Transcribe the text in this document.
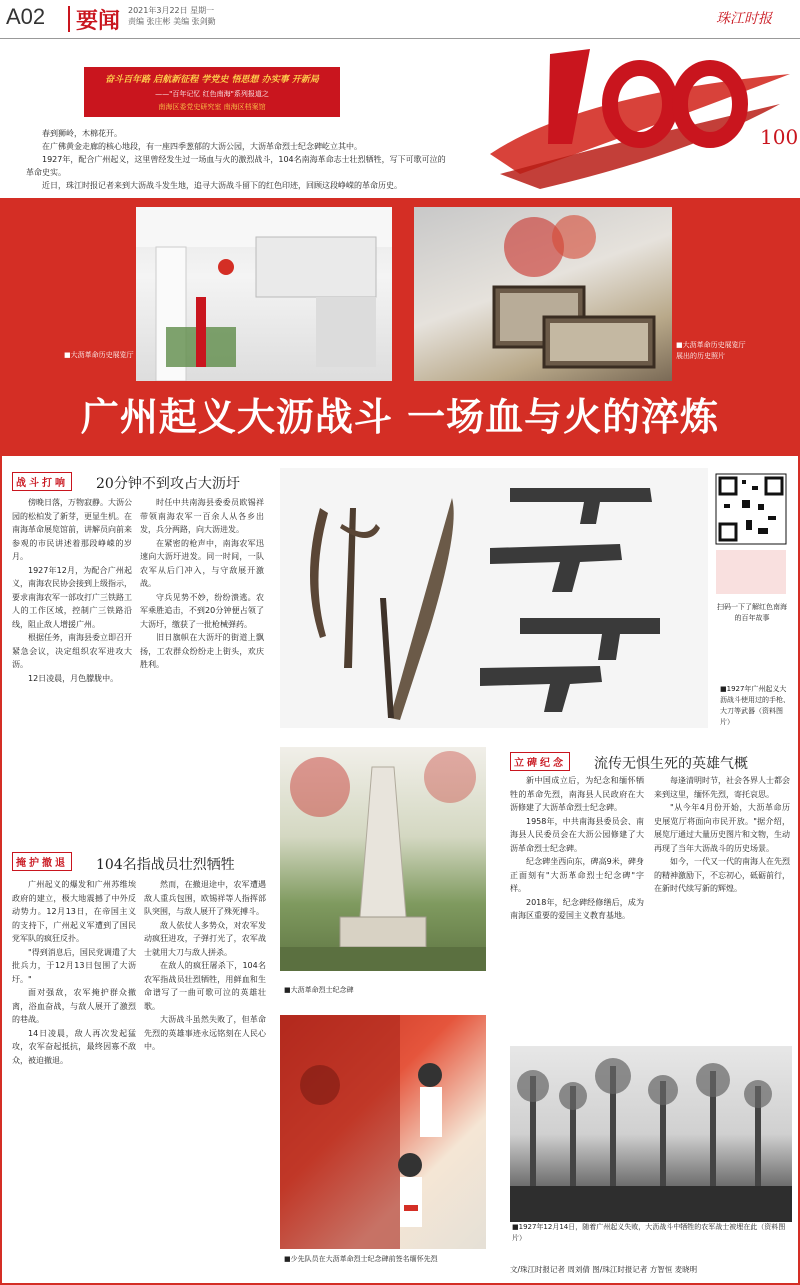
A02 要闻 2021年3月22日 星期一
责编 张庄彬 美编 张剑勤	珠江时报
奋斗百年路 启航新征程 学党史 悟思想 办实事 开新局
——"百年记忆 红色南海"系列报道之
南海区委党史研究室 南海区档案馆
100

春到狮岭，木棉花开。

在广佛黄金走廊的核心地段，有一座四季葱郁的大沥公园，大沥革命烈士纪念碑屹立其中。

1927年，配合广州起义，这里曾经发生过一场血与火的激烈战斗，104名南海革命志士壮烈牺牲，写下可歌可泣的革命史实。

近日，珠江时报记者来到大沥战斗发生地，追寻大沥战斗留下的红色印迹，回顾这段峥嵘的革命历史。

■大沥革命历史展览厅
■大沥革命历史展览厅展出的历史照片
广州起义大沥战斗 一场血与火的淬炼
战斗打响 20分钟不到攻占大沥圩

傍晚日落，万物寂静。大沥公园的松柏发了新芽，更显生机。在南海革命展览馆前，讲解员向前来参观的市民讲述着那段峥嵘的岁月。

1927年12月，为配合广州起义，南海农民协会接到上级指示，要求南海农军一部攻打广三铁路工人的工作区域，控制广三铁路沿线，阻止敌人增援广州。

根据任务，南海县委立即召开紧急会议，决定组织农军进攻大沥。

12日凌晨，月色朦胧中。

时任中共南海县委委员欧锡祥带领南海农军一百余人从各乡出发，兵分两路，向大沥进发。

在紧密的枪声中，南海农军迅速向大沥圩进发。同一时间，一队农军从后门冲入，与守敌展开激战。

守兵见势不妙，纷纷溃逃。农军乘胜追击，不到20分钟便占领了大沥圩，缴获了一批枪械弹药。

旧日旗帜在大沥圩的街道上飘扬，工农群众纷纷走上街头，欢庆胜利。

扫码一下了解红色南海的百年故事
■1927年广州起义大沥战斗使用过的手枪、大刀等武器（资料图片）
掩护撤退 104名指战员壮烈牺牲

广州起义的爆发和广州苏维埃政府的建立，极大地震撼了中外反动势力。12月13日，在帝国主义的支持下，广州起义军遭到了国民党军队的疯狂反扑。

"得到消息后，国民党调遣了大批兵力，于12月13日包围了大沥圩。"

面对强敌，农军掩护群众撤离，浴血奋战，与敌人展开了激烈的巷战。

14日凌晨，敌人再次发起猛攻，农军奋起抵抗，最终因寡不敌众，被迫撤退。

然而，在撤退途中，农军遭遇敌人重兵包围，欧锡祥等人指挥部队突围，与敌人展开了殊死搏斗。

敌人依仗人多势众，对农军发动疯狂进攻，子弹打光了，农军战士就用大刀与敌人拼杀。

在敌人的疯狂屠杀下，104名农军指战员壮烈牺牲，用鲜血和生命谱写了一曲可歌可泣的英雄壮歌。

大沥战斗虽然失败了，但革命先烈的英雄事迹永远铭刻在人民心中。

■大沥革命烈士纪念碑
■少先队员在大沥革命烈士纪念碑前签名缅怀先烈
立碑纪念 流传无惧生死的英雄气概

新中国成立后，为纪念和缅怀牺牲的革命先烈，南海县人民政府在大沥修建了大沥革命烈士纪念碑。

1958年，中共南海县委员会、南海县人民委员会在大沥公园修建了大沥革命烈士纪念碑。

纪念碑坐西向东，碑高9米，碑身正面刻有"大沥革命烈士纪念碑"字样。

2018年，纪念碑经修缮后，成为南海区重要的爱国主义教育基地。

每逢清明时节，社会各界人士都会来到这里，缅怀先烈，寄托哀思。

"从今年4月份开始，大沥革命历史展览厅将面向市民开放。"据介绍，展览厅通过大量历史图片和文物，生动再现了当年大沥战斗的历史场景。

如今，一代又一代的南海人在先烈的精神激励下，不忘初心，砥砺前行，在新时代续写新的辉煌。

■1927年12月14日，随着广州起义失败，大沥战斗中牺牲的农军战士被埋在此（资料图片）
文/珠江时报记者 周刘倩 图/珠江时报记者 方智恒 麦晓明
